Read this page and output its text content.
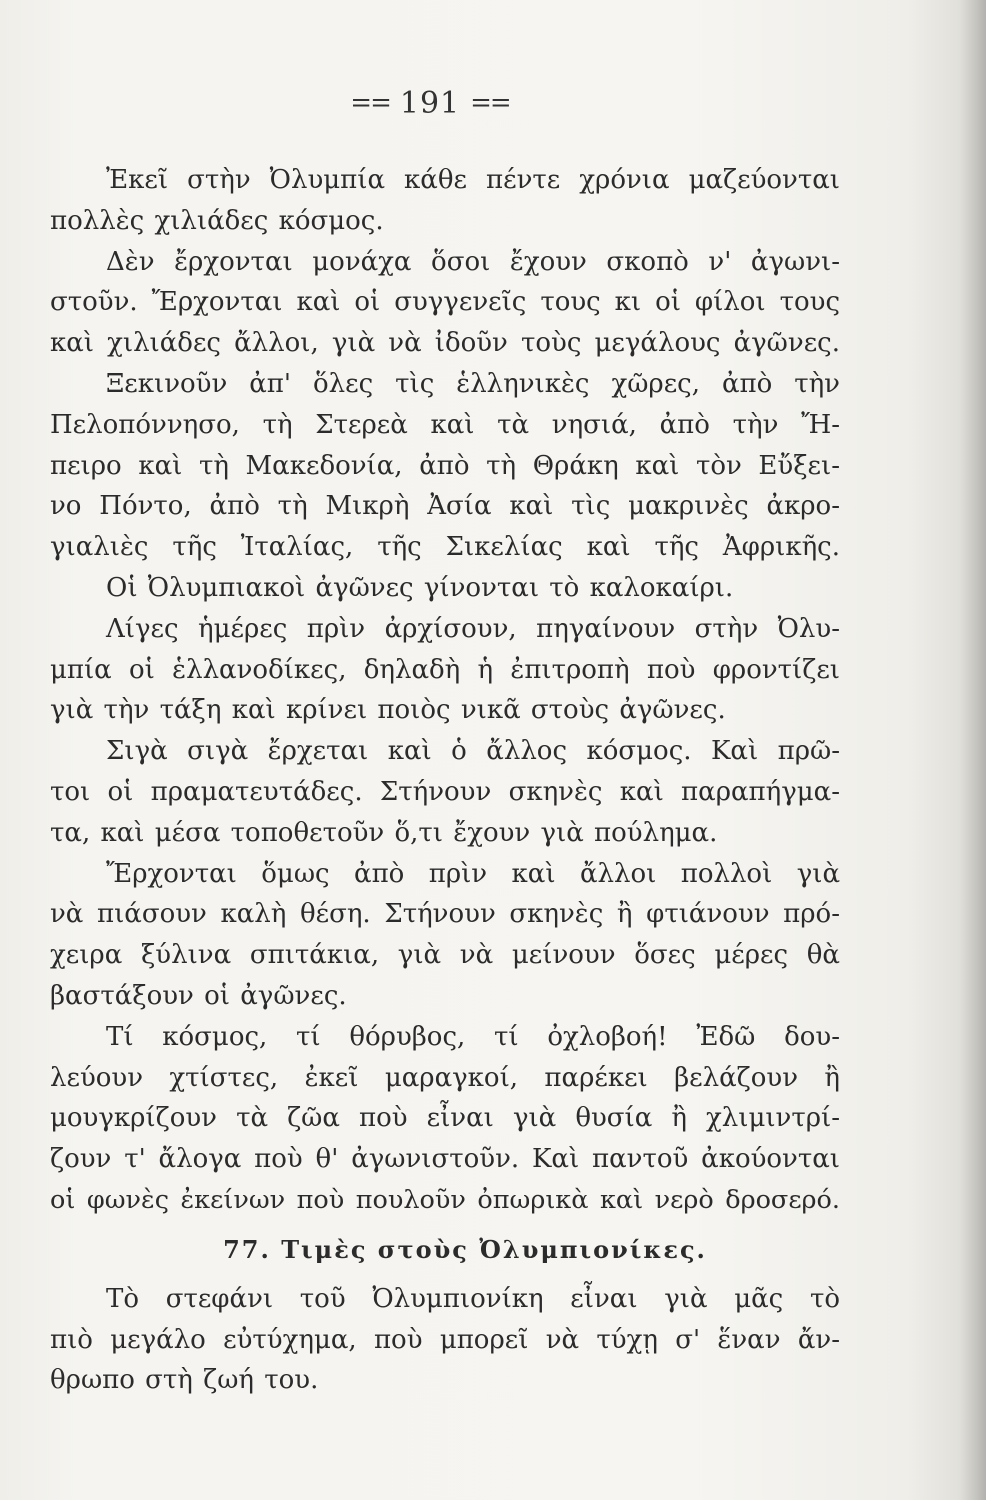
== 191 ==
Ἐκεῖ στὴν Ὀλυμπία κάθε πέντε χρόνια μαζεύονται
πολλὲς χιλιάδες κόσμος.
Δὲν ἔρχονται μονάχα ὅσοι ἔχουν σκοπὸ ν' ἀγωνι-
στοῦν. Ἔρχονται καὶ οἱ συγγενεῖς τους κι οἱ φίλοι τους
καὶ χιλιάδες ἄλλοι, γιὰ νὰ ἰδοῦν τοὺς μεγάλους ἀγῶνες.
Ξεκινοῦν ἀπ' ὅλες τὶς ἑλληνικὲς χῶρες, ἀπὸ τὴν
Πελοπόννησο, τὴ Στερεὰ καὶ τὰ νησιά, ἀπὸ τὴν Ἤ-
πειρο καὶ τὴ Μακεδονία, ἀπὸ τὴ Θράκη καὶ τὸν Εὔξει-
νο Πόντο, ἀπὸ τὴ Μικρὴ Ἀσία καὶ τὶς μακρινὲς ἀκρο-
γιαλιὲς τῆς Ἰταλίας, τῆς Σικελίας καὶ τῆς Ἀφρικῆς.
Οἱ Ὀλυμπιακοὶ ἀγῶνες γίνονται τὸ καλοκαίρι.
Λίγες ἡμέρες πρὶν ἀρχίσουν, πηγαίνουν στὴν Ὀλυ-
μπία οἱ ἑλλανοδίκες, δηλαδὴ ἡ ἐπιτροπὴ ποὺ φροντίζει
γιὰ τὴν τάξη καὶ κρίνει ποιὸς νικᾶ στοὺς ἀγῶνες.
Σιγὰ σιγὰ ἔρχεται καὶ ὁ ἄλλος κόσμος. Καὶ πρῶ-
τοι οἱ πραματευτάδες. Στήνουν σκηνὲς καὶ παραπήγμα-
τα, καὶ μέσα τοποθετοῦν ὅ,τι ἔχουν γιὰ πούλημα.
Ἔρχονται ὅμως ἀπὸ πρὶν καὶ ἄλλοι πολλοὶ γιὰ
νὰ πιάσουν καλὴ θέση. Στήνουν σκηνὲς ἢ φτιάνουν πρό-
χειρα ξύλινα σπιτάκια, γιὰ νὰ μείνουν ὅσες μέρες θὰ
βαστάξουν οἱ ἀγῶνες.
Τί κόσμος, τί θόρυβος, τί ὀχλοβοή! Ἐδῶ δου-
λεύουν χτίστες, ἐκεῖ μαραγκοί, παρέκει βελάζουν ἢ
μουγκρίζουν τὰ ζῶα ποὺ εἶναι γιὰ θυσία ἢ χλιμιντρί-
ζουν τ' ἄλογα ποὺ θ' ἀγωνιστοῦν. Καὶ παντοῦ ἀκούονται
οἱ φωνὲς ἐκείνων ποὺ πουλοῦν ὀπωρικὰ καὶ νερὸ δροσερό.
77. Τιμὲς στοὺς Ὀλυμπιονίκες.
Τὸ στεφάνι τοῦ Ὀλυμπιονίκη εἶναι γιὰ μᾶς τὸ
πιὸ μεγάλο εὐτύχημα, ποὺ μπορεῖ νὰ τύχῃ σ' ἕναν ἄν-
θρωπο στὴ ζωή του.
